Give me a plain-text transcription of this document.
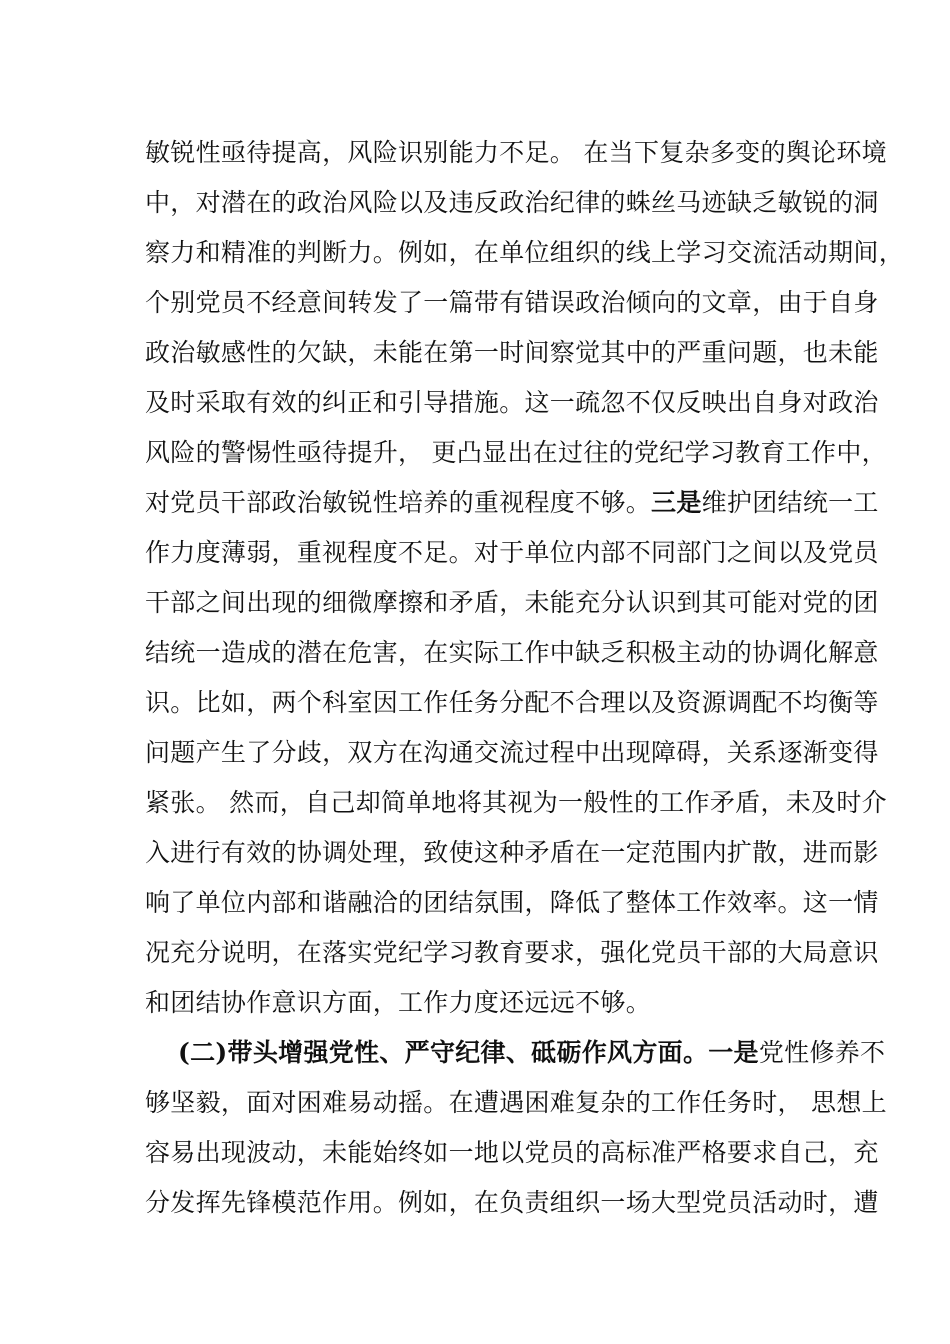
敏锐性亟待提高，风险识别能力不足。 在当下复杂多变的舆论环境
中，对潜在的政治风险以及违反政治纪律的蛛丝马迹缺乏敏锐的洞
察力和精准的判断力。例如，在单位组织的线上学习交流活动期间，
个别党员不经意间转发了一篇带有错误政治倾向的文章，由于自身
政治敏感性的欠缺，未能在第一时间察觉其中的严重问题，也未能
及时采取有效的纠正和引导措施。这一疏忽不仅反映出自身对政治
风险的警惕性亟待提升， 更凸显出在过往的党纪学习教育工作中，
对党员干部政治敏锐性培养的重视程度不够。三是维护团结统一工
作力度薄弱，重视程度不足。对于单位内部不同部门之间以及党员
干部之间出现的细微摩擦和矛盾，未能充分认识到其可能对党的团
结统一造成的潜在危害，在实际工作中缺乏积极主动的协调化解意
识。比如，两个科室因工作任务分配不合理以及资源调配不均衡等
问题产生了分歧，双方在沟通交流过程中出现障碍，关系逐渐变得
紧张。 然而，自己却简单地将其视为一般性的工作矛盾，未及时介
入进行有效的协调处理，致使这种矛盾在一定范围内扩散，进而影
响了单位内部和谐融洽的团结氛围，降低了整体工作效率。这一情
况充分说明，在落实党纪学习教育要求，强化党员干部的大局意识
和团结协作意识方面，工作力度还远远不够。
(二)带头增强党性、严守纪律、砥砺作风方面。一是党性修养不
够坚毅，面对困难易动摇。在遭遇困难复杂的工作任务时， 思想上
容易出现波动，未能始终如一地以党员的高标准严格要求自己，充
分发挥先锋模范作用。例如，在负责组织一场大型党员活动时，遭
